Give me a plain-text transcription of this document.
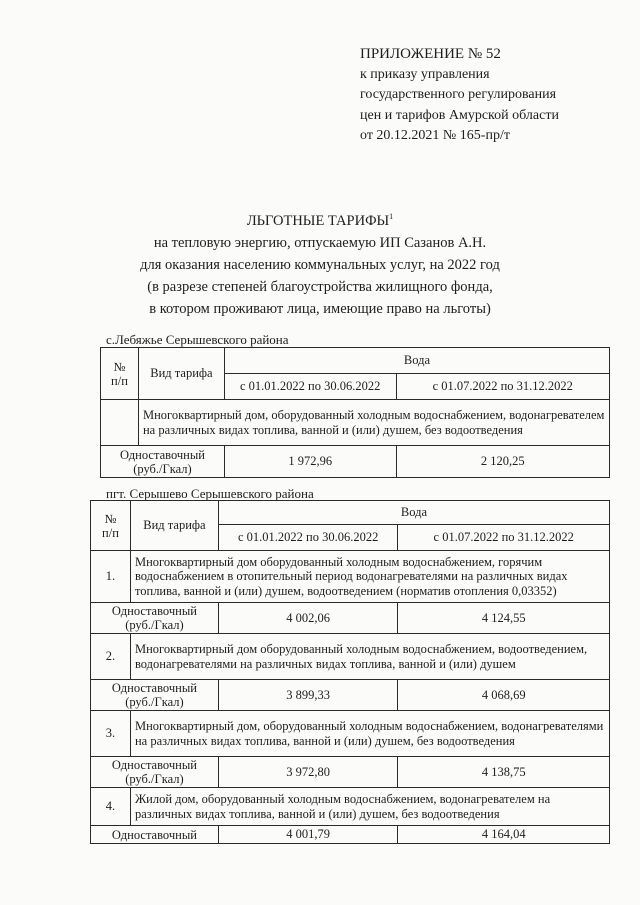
ПРИЛОЖЕНИЕ № 52
к приказу управления
государственного регулирования
цен и тарифов Амурской области
от 20.12.2021 № 165-пр/т
ЛЬГОТНЫЕ ТАРИФЫ$^1$
на тепловую энергию, отпускаемую ИП Сазанов А.Н.
для оказания населению коммунальных услуг, на 2022 год
(в разрезе степеней благоустройства жилищного фонда,
в котором проживают лица, имеющие право на льготы)
с.Лебяжье Серышевского района
№
п/п	Вид тарифа	Вода	
		с 01.01.2022 по 30.06.2022	с 01.07.2022 по 31.12.2022
	Многоквартирный дом, оборудованный холодным водоснабжением, водонагревателем на различных видах топлива, ванной и (или) душем, без водоотведения		
Одноставочный
(руб./Гкал)		1 972,96	2 120,25
пгт. Серышево Серышевского района
№
п/п	Вид тарифа	Вода	
		с 01.01.2022 по 30.06.2022	с 01.07.2022 по 31.12.2022
1.	Многоквартирный дом оборудованный холодным водоснабжением, горячим водоснабжением в отопительный период водонагревателями на различных видах топлива, ванной и (или) душем, водоотведением (норматив отопления 0,03352)		
Одноставочный
(руб./Гкал)		4 002,06	4 124,55
2.	Многоквартирный дом оборудованный холодным водоснабжением, водоотведением, водонагревателями на различных видах топлива, ванной и (или) душем		
Одноставочный
(руб./Гкал)		3 899,33	4 068,69
3.	Многоквартирный дом, оборудованный холодным водоснабжением, водонагревателями на различных видах топлива, ванной и (или) душем, без водоотведения		
Одноставочный
(руб./Гкал)		3 972,80	4 138,75
4.	Жилой дом, оборудованный холодным водоснабжением, водонагревателем на различных видах топлива, ванной и (или) душем, без водоотведения		
Одноставочный		4 001,79	4 164,04
